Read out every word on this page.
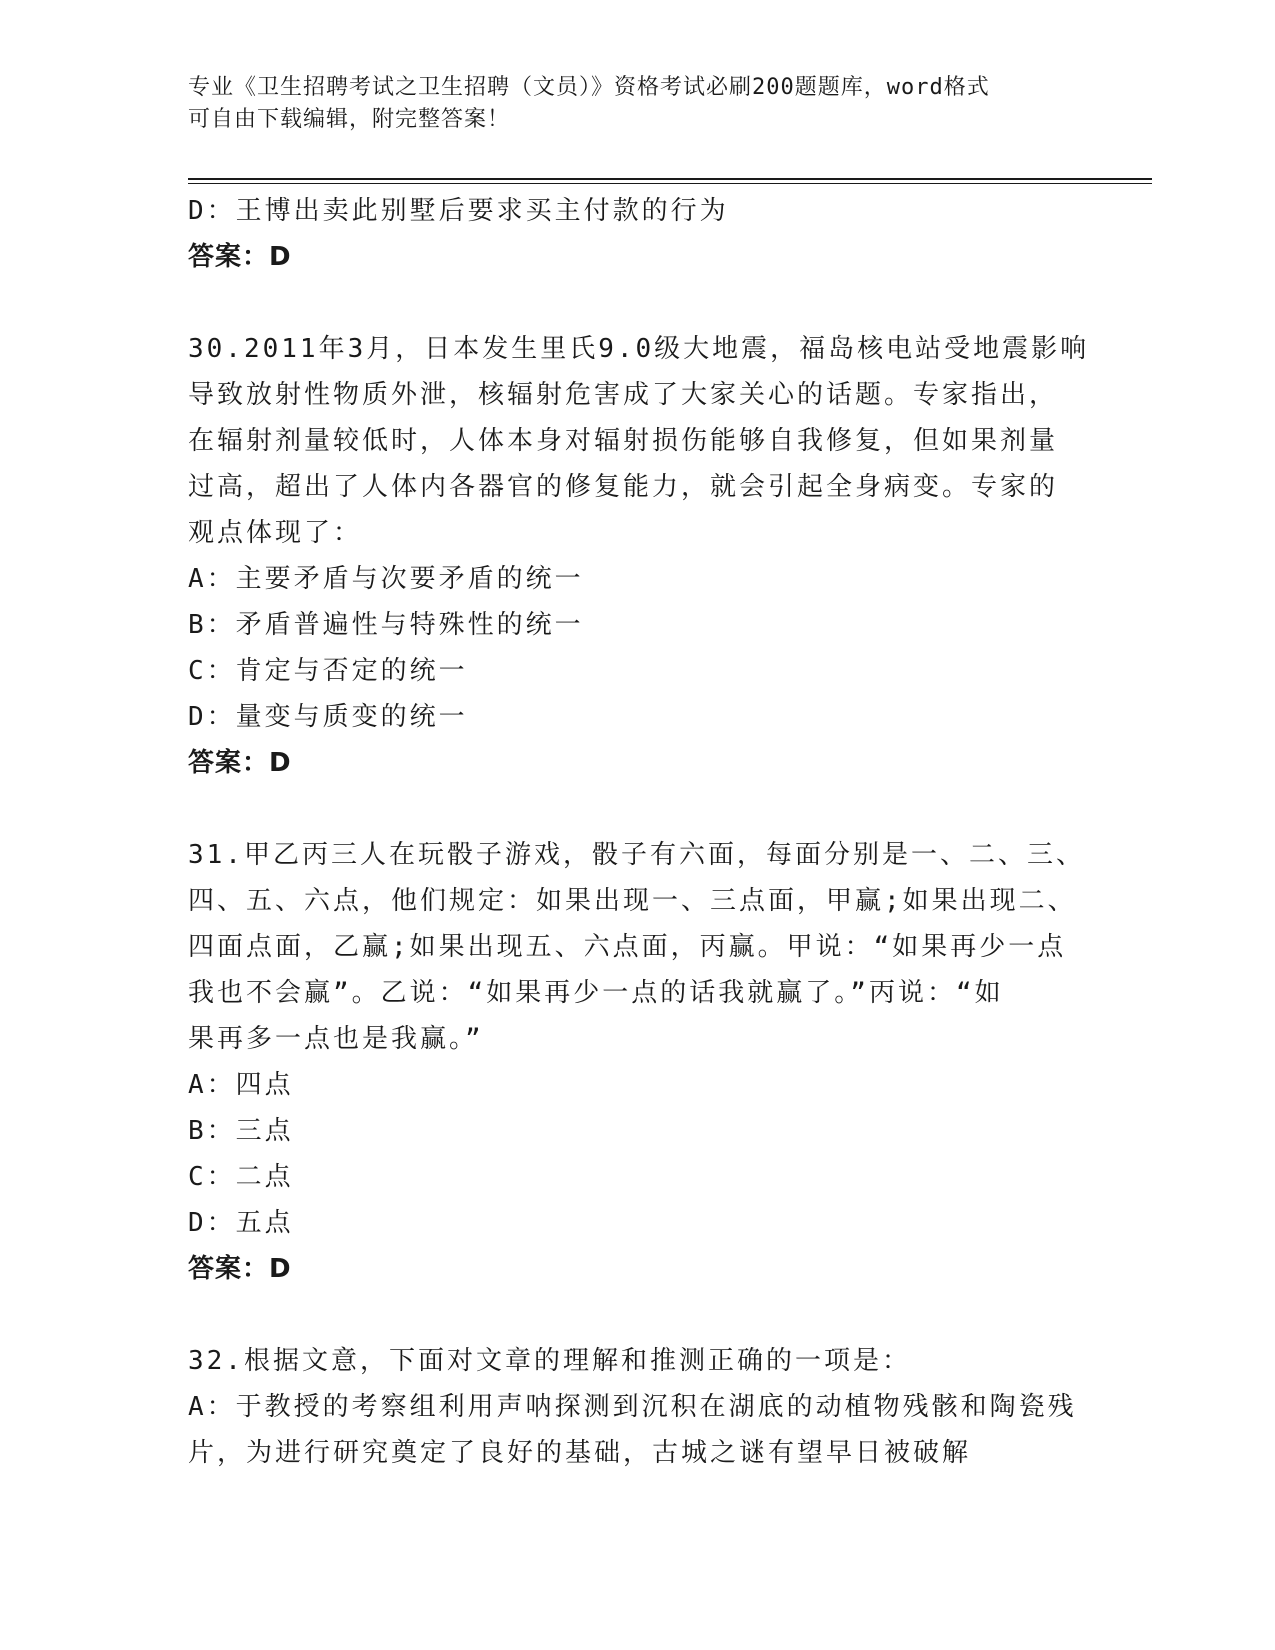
专业《卫生招聘考试之卫生招聘（文员）》资格考试必刷200题题库，word格式
可自由下载编辑，附完整答案！
D：王博出卖此别墅后要求买主付款的行为
答案：D
30.2011年3月，日本发生里氏9.0级大地震，福岛核电站受地震影响
导致放射性物质外泄，核辐射危害成了大家关心的话题。专家指出，
在辐射剂量较低时，人体本身对辐射损伤能够自我修复，但如果剂量
过高，超出了人体内各器官的修复能力，就会引起全身病变。专家的
观点体现了：
A：主要矛盾与次要矛盾的统一
B：矛盾普遍性与特殊性的统一
C：肯定与否定的统一
D：量变与质变的统一
答案：D
31.甲乙丙三人在玩骰子游戏，骰子有六面，每面分别是一、二、三、
四、五、六点，他们规定：如果出现一、三点面，甲赢;如果出现二、
四面点面，乙赢;如果出现五、六点面，丙赢。甲说：“如果再少一点
我也不会赢”。乙说：“如果再少一点的话我就赢了。”丙说：“如
果再多一点也是我赢。”
A：四点
B：三点
C：二点
D：五点
答案：D
32.根据文意，下面对文章的理解和推测正确的一项是：
A：于教授的考察组利用声呐探测到沉积在湖底的动植物残骸和陶瓷残
片，为进行研究奠定了良好的基础，古城之谜有望早日被破解
